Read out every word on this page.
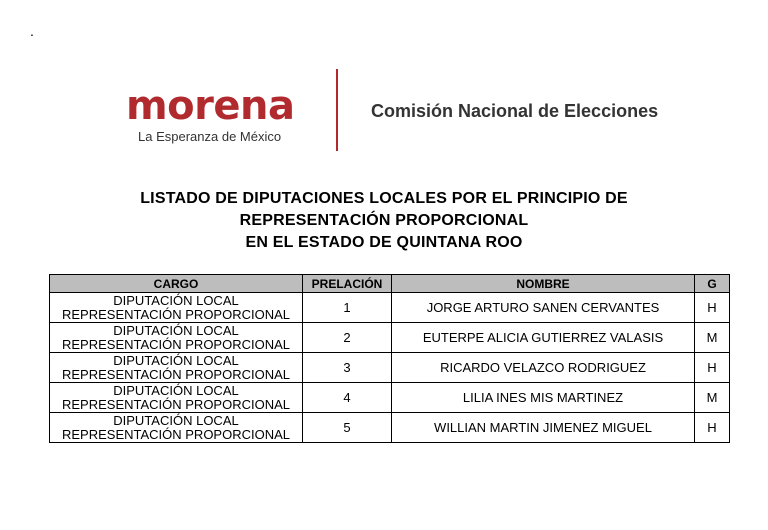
.
morena
La Esperanza de México
Comisión Nacional de Elecciones
LISTADO DE DIPUTACIONES LOCALES POR EL PRINCIPIO DE
REPRESENTACIÓN PROPORCIONAL
EN EL ESTADO DE QUINTANA ROO
CARGO	PRELACIÓN	NOMBRE	G

DIPUTACIÓN LOCAL
REPRESENTACIÓN PROPORCIONAL	1	JORGE ARTURO SANEN CERVANTES	H

DIPUTACIÓN LOCAL
REPRESENTACIÓN PROPORCIONAL	2	EUTERPE ALICIA GUTIERREZ VALASIS	M

DIPUTACIÓN LOCAL
REPRESENTACIÓN PROPORCIONAL	3	RICARDO VELAZCO RODRIGUEZ	H

DIPUTACIÓN LOCAL
REPRESENTACIÓN PROPORCIONAL	4	LILIA INES MIS MARTINEZ	M

DIPUTACIÓN LOCAL
REPRESENTACIÓN PROPORCIONAL	5	WILLIAN MARTIN JIMENEZ MIGUEL	H
